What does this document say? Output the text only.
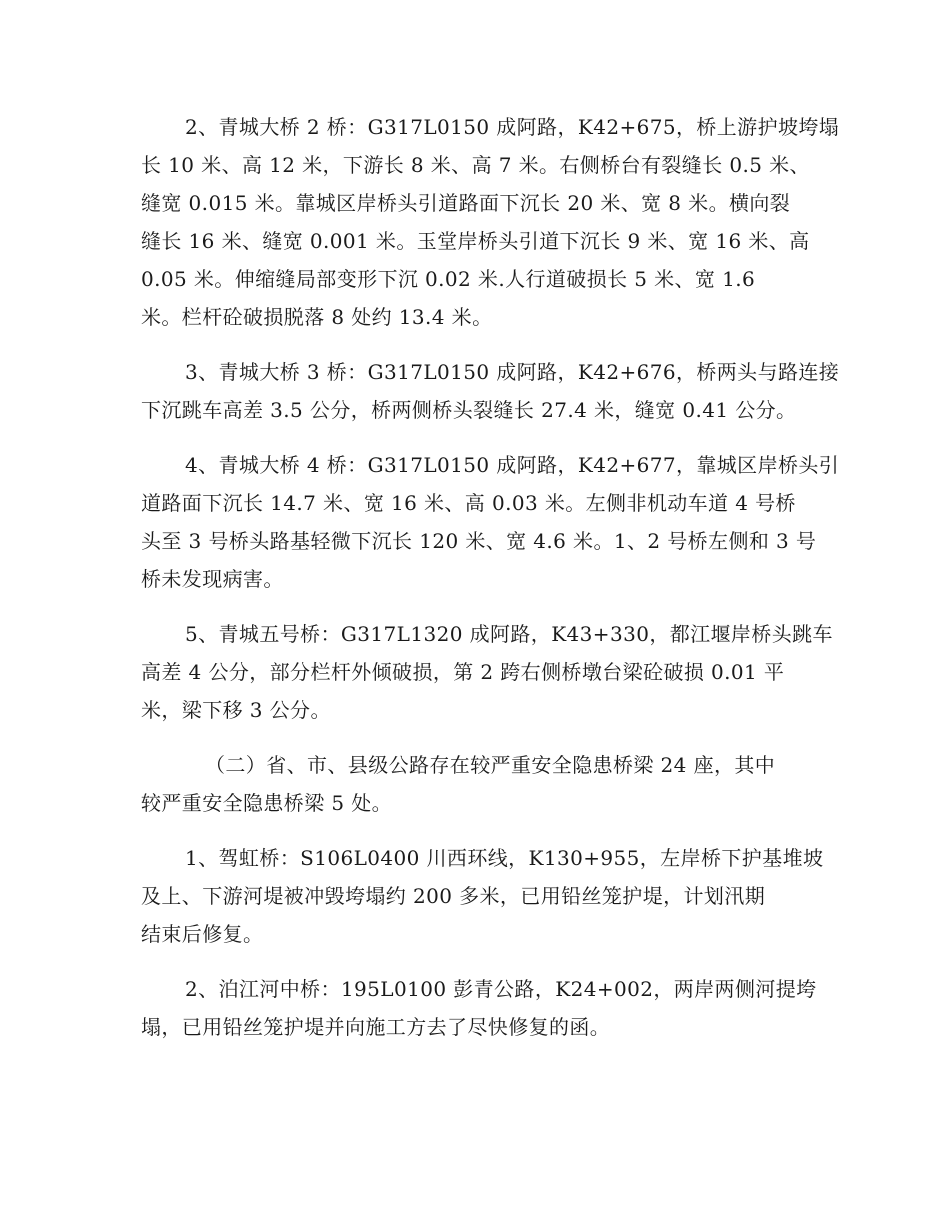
2、青城大桥 2 桥：G317L0150 成阿路，K42+675，桥上游护坡垮塌
长 10 米、高 12 米，下游长 8 米、高 7 米。右侧桥台有裂缝长 0.5 米、
缝宽 0.015 米。靠城区岸桥头引道路面下沉长 20 米、宽 8 米。横向裂
缝长 16 米、缝宽 0.001 米。玉堂岸桥头引道下沉长 9 米、宽 16 米、高
0.05 米。伸缩缝局部变形下沉 0.02 米.人行道破损长 5 米、宽 1.6
米。栏杆砼破损脱落 8 处约 13.4 米。

3、青城大桥 3 桥：G317L0150 成阿路，K42+676，桥两头与路连接
下沉跳车高差 3.5 公分，桥两侧桥头裂缝长 27.4 米，缝宽 0.41 公分。

4、青城大桥 4 桥：G317L0150 成阿路，K42+677，靠城区岸桥头引
道路面下沉长 14.7 米、宽 16 米、高 0.03 米。左侧非机动车道 4 号桥
头至 3 号桥头路基轻微下沉长 120 米、宽 4.6 米。1、2 号桥左侧和 3 号
桥未发现病害。

5、青城五号桥：G317L1320 成阿路，K43+330，都江堰岸桥头跳车
高差 4 公分，部分栏杆外倾破损，第 2 跨右侧桥墩台梁砼破损 0.01 平
米，梁下移 3 公分。

（二）省、市、县级公路存在较严重安全隐患桥梁 24 座，其中
较严重安全隐患桥梁 5 处。

1、驾虹桥：S106L0400 川西环线，K130+955，左岸桥下护基堆坡
及上、下游河堤被冲毁垮塌约 200 多米，已用铅丝笼护堤，计划汛期
结束后修复。

2、泊江河中桥：195L0100 彭青公路，K24+002，两岸两侧河提垮
塌，已用铅丝笼护堤并向施工方去了尽快修复的函。
